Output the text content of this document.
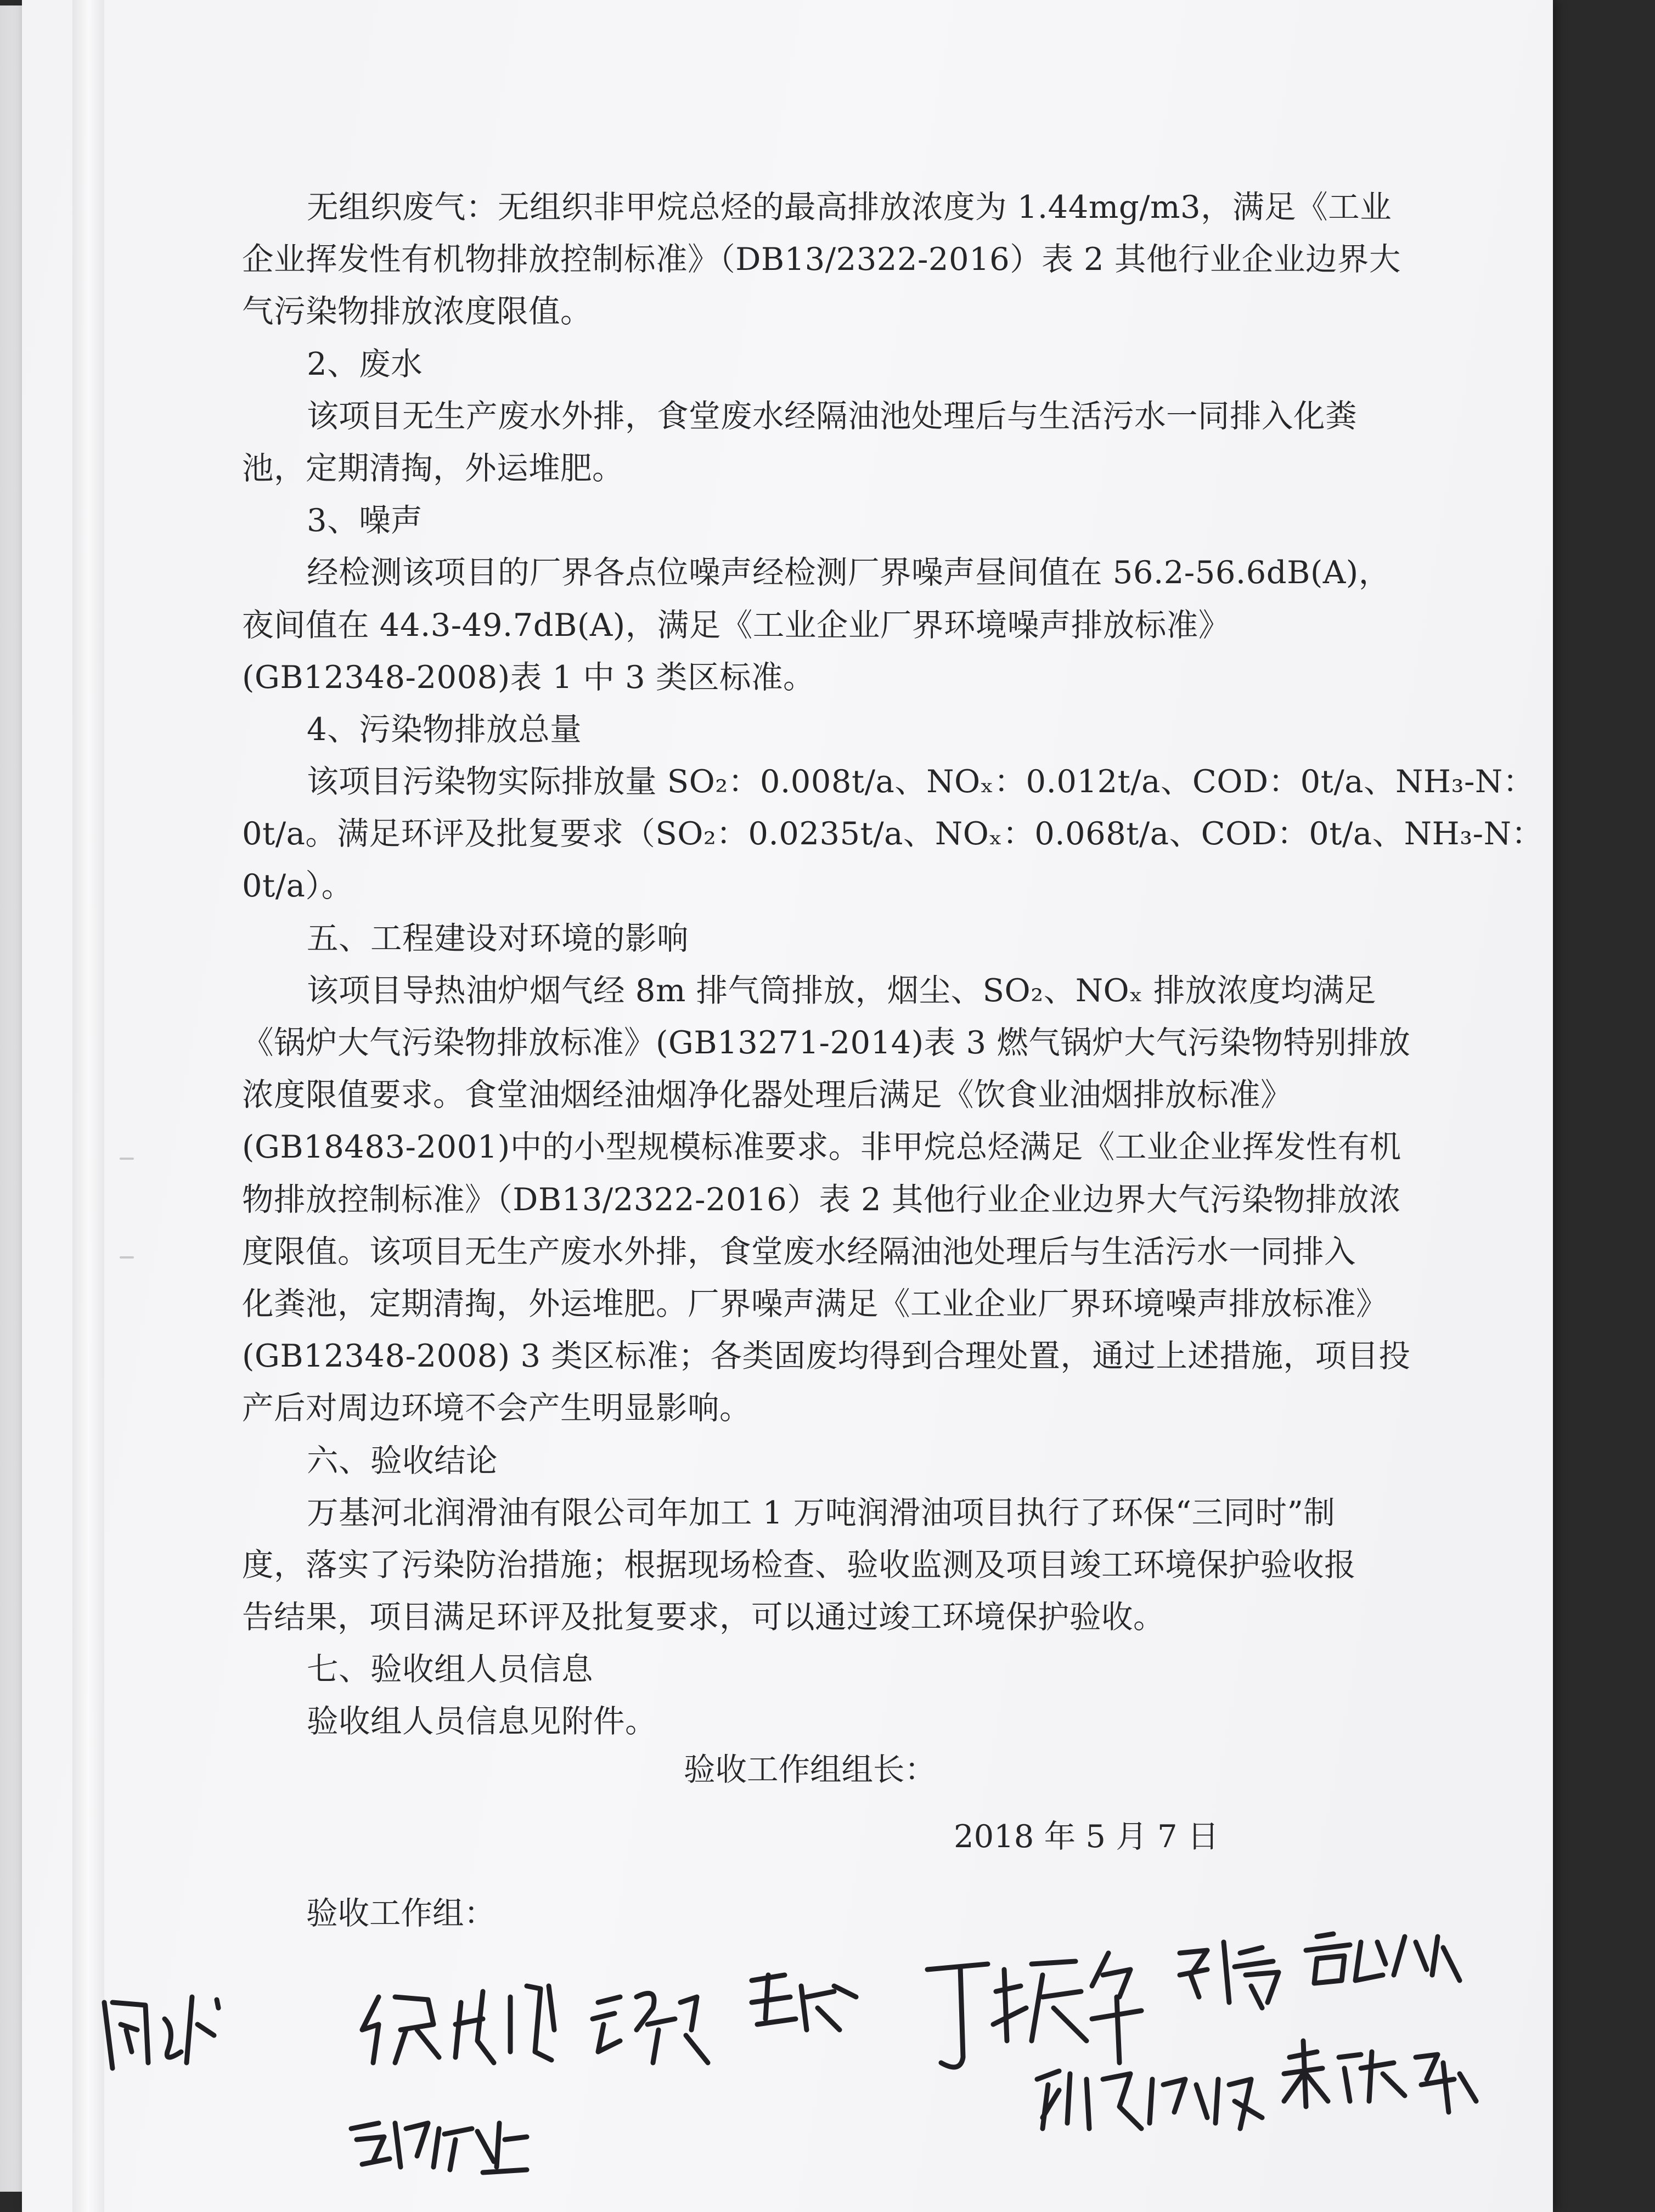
无组织废气：无组织非甲烷总烃的最高排放浓度为 1.44mg/m3，满足《工业
企业挥发性有机物排放控制标准》（DB13/2322-2016）表 2 其他行业企业边界大
气污染物排放浓度限值。
2、废水
该项目无生产废水外排，食堂废水经隔油池处理后与生活污水一同排入化粪
池，定期清掏，外运堆肥。
3、噪声
经检测该项目的厂界各点位噪声经检测厂界噪声昼间值在 56.2-56.6dB(A)，
夜间值在 44.3-49.7dB(A)，满足《工业企业厂界环境噪声排放标准》
(GB12348-2008)表 1 中 3 类区标准。
4、污染物排放总量
该项目污染物实际排放量 SO₂：0.008t/a、NOₓ：0.012t/a、COD：0t/a、NH₃-N：
0t/a。满足环评及批复要求（SO₂：0.0235t/a、NOₓ：0.068t/a、COD：0t/a、NH₃-N：
0t/a）。
五、工程建设对环境的影响
该项目导热油炉烟气经 8m 排气筒排放，烟尘、SO₂、NOₓ 排放浓度均满足
《锅炉大气污染物排放标准》(GB13271-2014)表 3 燃气锅炉大气污染物特别排放
浓度限值要求。食堂油烟经油烟净化器处理后满足《饮食业油烟排放标准》
(GB18483-2001)中的小型规模标准要求。非甲烷总烃满足《工业企业挥发性有机
物排放控制标准》（DB13/2322-2016）表 2 其他行业企业边界大气污染物排放浓
度限值。该项目无生产废水外排，食堂废水经隔油池处理后与生活污水一同排入
化粪池，定期清掏，外运堆肥。厂界噪声满足《工业企业厂界环境噪声排放标准》
(GB12348-2008) 3 类区标准；各类固废均得到合理处置，通过上述措施，项目投
产后对周边环境不会产生明显影响。
六、验收结论
万基河北润滑油有限公司年加工 1 万吨润滑油项目执行了环保“三同时”制
度，落实了污染防治措施；根据现场检查、验收监测及项目竣工环境保护验收报
告结果，项目满足环评及批复要求，可以通过竣工环境保护验收。
七、验收组人员信息
验收组人员信息见附件。
验收工作组组长：
2018 年 5 月 7 日
验收工作组：
